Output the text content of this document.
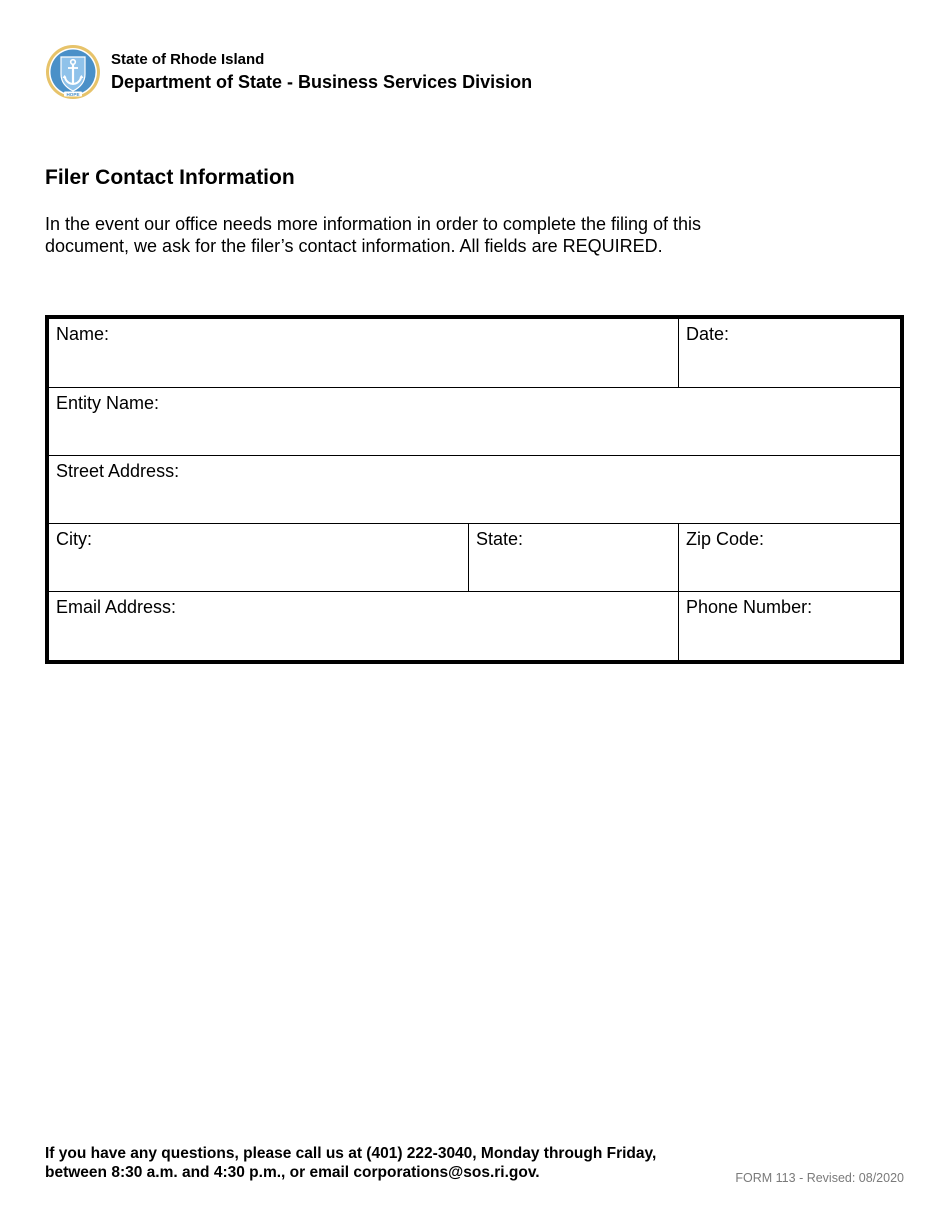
HOPE
State of Rhode Island
Department of State - Business Services Division
Filer Contact Information
In the event our office needs more information in order to complete the filing of this
document, we ask for the filer’s contact information. All fields are REQUIRED.
Name:	Date:
Entity Name:
Street Address:
City:	State:	Zip Code:
Email Address:	Phone Number:
If you have any questions, please call us at (401) 222-3040, Monday through Friday,
between 8:30 a.m. and 4:30 p.m., or email corporations@sos.ri.gov.	FORM 113 - Revised: 08/2020
